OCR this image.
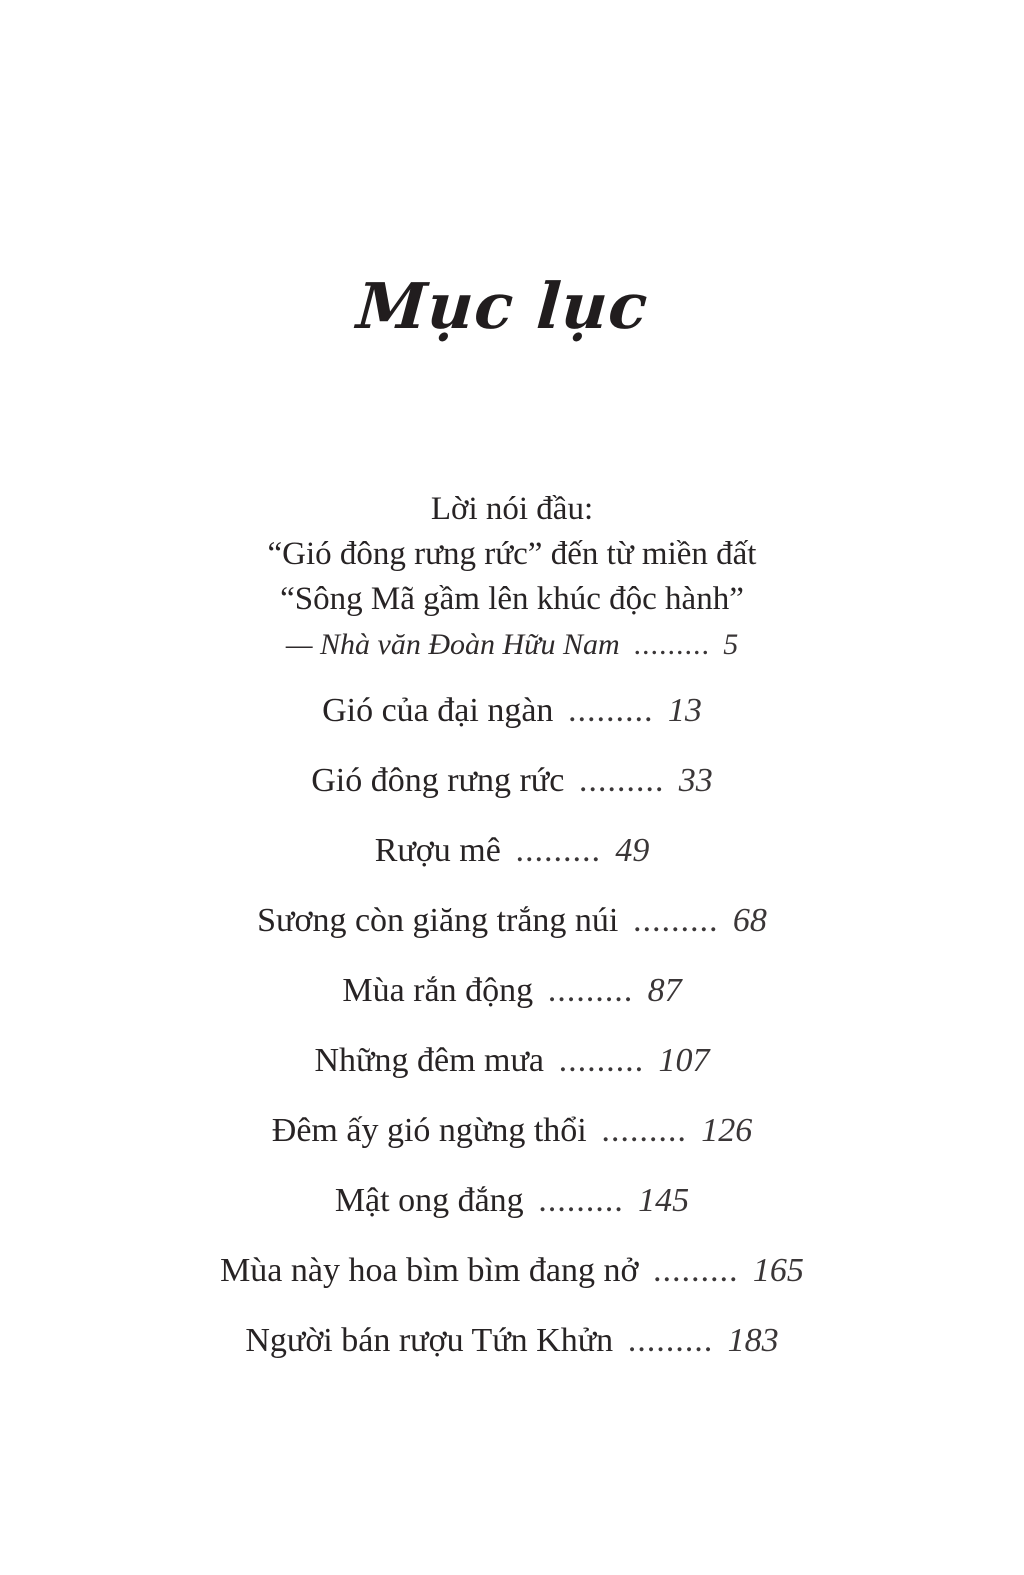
Mục lục
Lời nói đầu:
“Gió đông rưng rức” đến từ miền đất
“Sông Mã gầm lên khúc độc hành”
— Nhà văn Đoàn Hữu Nam ......... 5
Gió của đại ngàn ......... 13
Gió đông rưng rức ......... 33
Rượu mê ......... 49
Sương còn giăng trắng núi ......... 68
Mùa rắn động ......... 87
Những đêm mưa ......... 107
Đêm ấy gió ngừng thổi ......... 126
Mật ong đắng ......... 145
Mùa này hoa bìm bìm đang nở ......... 165
Người bán rượu Tứn Khửn ......... 183
